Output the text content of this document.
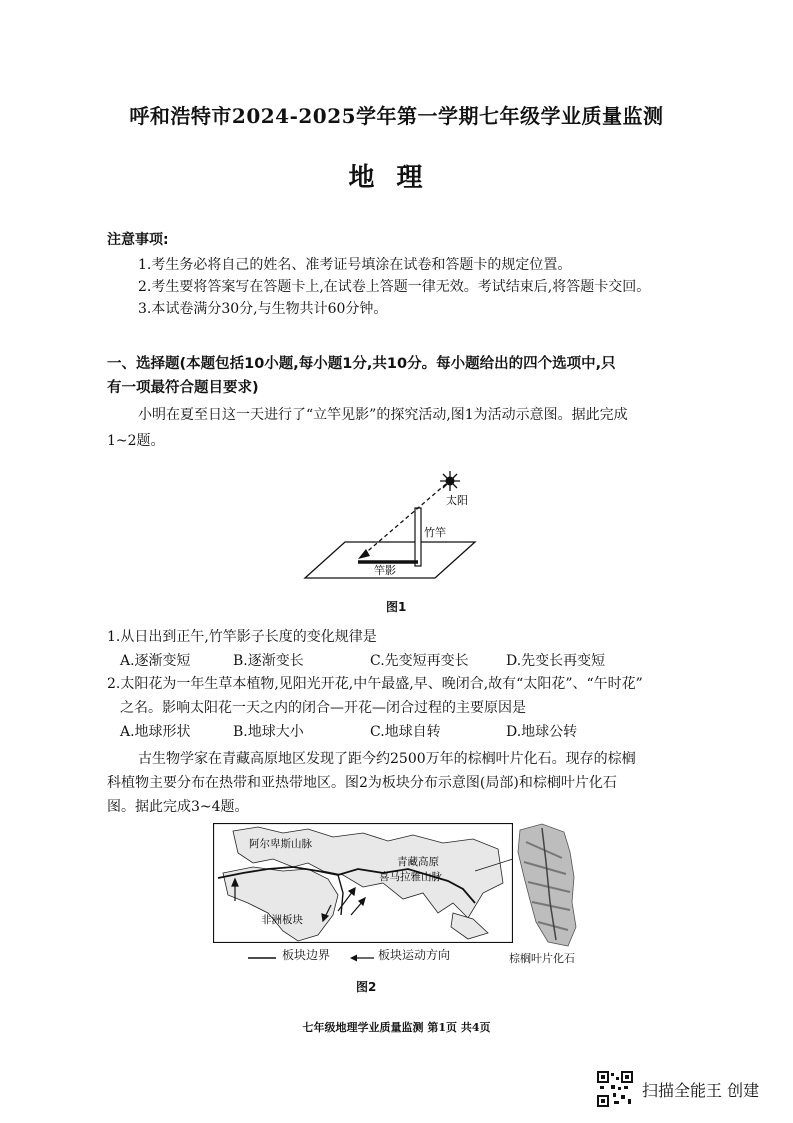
呼和浩特市2024-2025学年第一学期七年级学业质量监测
地理
注意事项:
1.考生务必将自己的姓名、准考证号填涂在试卷和答题卡的规定位置。
2.考生要将答案写在答题卡上,在试卷上答题一律无效。考试结束后,将答题卡交回。
3.本试卷满分30分,与生物共计60分钟。
一、选择题(本题包括10小题,每小题1分,共10分。每小题给出的四个选项中,只
有一项最符合题目要求)
小明在夏至日这一天进行了“立竿见影”的探究活动,图1为活动示意图。据此完成
1~2题。
太阳
竹竿
竿影
图1
1.从日出到正午,竹竿影子长度的变化规律是
A.逐渐变短	B.逐渐变长	C.先变短再变长	D.先变长再变短
2.太阳花为一年生草本植物,见阳光开花,中午最盛,早、晚闭合,故有“太阳花”、“午时花”
之名。影响太阳花一天之内的闭合—开花—闭合过程的主要原因是
A.地球形状	B.地球大小	C.地球自转	D.地球公转
古生物学家在青藏高原地区发现了距今约2500万年的棕榈叶片化石。现存的棕榈
科植物主要分布在热带和亚热带地区。图2为板块分布示意图(局部)和棕榈叶片化石
图。据此完成3~4题。
阿尔卑斯山脉
青藏高原
喜马拉雅山脉
非洲板块
板块边界	板块运动方向	棕榈叶片化石
图2
七年级地理学业质量监测 第1页 共4页
扫描全能王 创建
